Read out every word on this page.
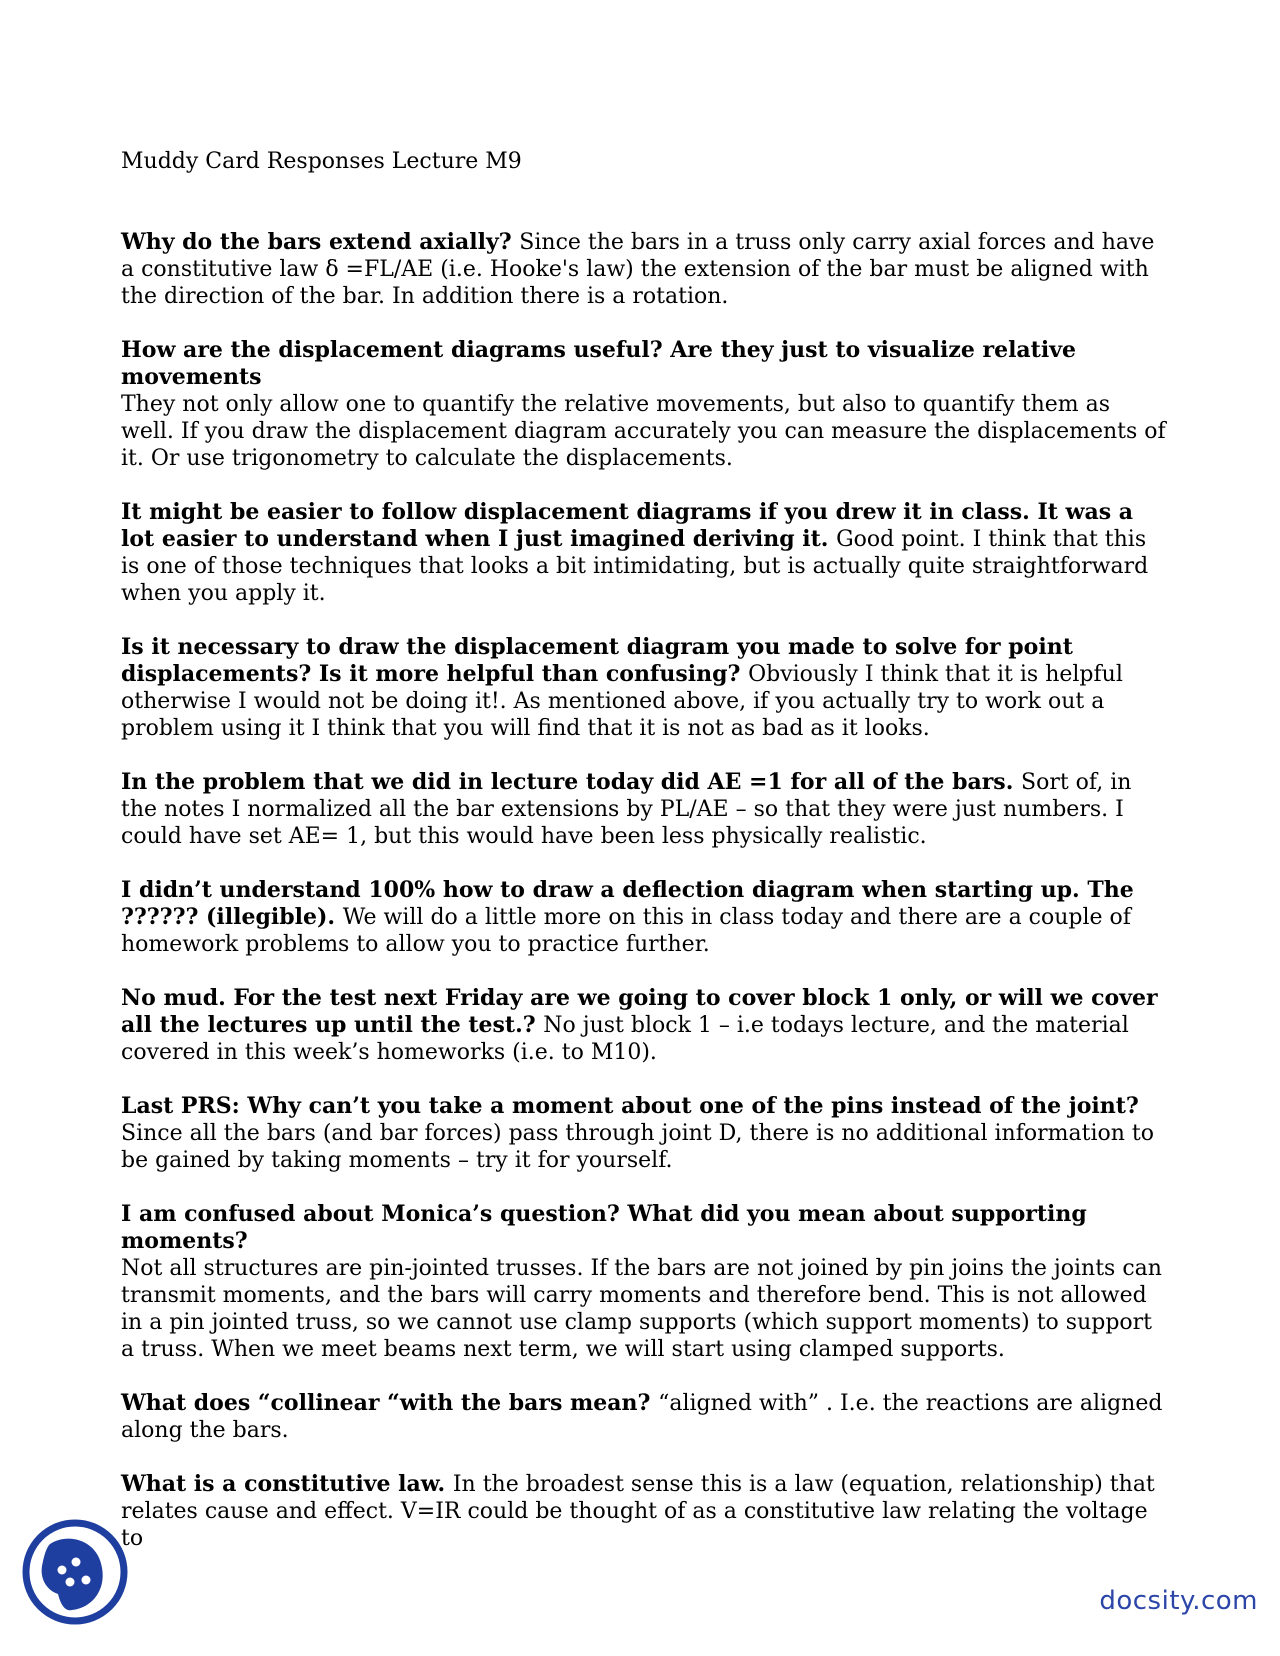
Muddy Card Responses Lecture M9
Why do the bars extend axially? Since the bars in a truss only carry axial forces and have a constitutive law δ =FL/AE (i.e. Hooke's law) the extension of the bar must be aligned with the direction of the bar. In addition there is a rotation.

How are the displacement diagrams useful? Are they just to visualize relative movements

They not only allow one to quantify the relative movements, but also to quantify them as well. If you draw the displacement diagram accurately you can measure the displacements of it. Or use trigonometry to calculate the displacements.

It might be easier to follow displacement diagrams if you drew it in class. It was a lot easier to understand when I just imagined deriving it. Good point. I think that this is one of those techniques that looks a bit intimidating, but is actually quite straightforward when you apply it.
Is it necessary to draw the displacement diagram you made to solve for point displacements? Is it more helpful than confusing? Obviously I think that it is helpful otherwise I would not be doing it!. As mentioned above, if you actually try to work out a problem using it I think that you will find that it is not as bad as it looks.
In the problem that we did in lecture today did AE =1 for all of the bars. Sort of, in the notes I normalized all the bar extensions by PL/AE – so that they were just numbers. I could have set AE= 1, but this would have been less physically realistic.
I didn’t understand 100% how to draw a deflection diagram when starting up. The ?????? (illegible). We will do a little more on this in class today and there are a couple of homework problems to allow you to practice further.
No mud. For the test next Friday are we going to cover block 1 only, or will we cover all the lectures up until the test.? No just block 1 – i.e todays lecture, and the material covered in this week’s homeworks (i.e. to M10).
Last PRS: Why can’t you take a moment about one of the pins instead of the joint? Since all the bars (and bar forces) pass through joint D, there is no additional information to be gained by taking moments – try it for yourself.

I am confused about Monica’s question? What did you mean about supporting moments?

Not all structures are pin-jointed trusses. If the bars are not joined by pin joins the joints can transmit moments, and the bars will carry moments and therefore bend. This is not allowed in a pin jointed truss, so we cannot use clamp supports (which support moments) to support a truss. When we meet beams next term, we will start using clamped supports.

What does “collinear “with the bars mean? “aligned with” . I.e. the reactions are aligned along the bars.
What is a constitutive law. In the broadest sense this is a law (equation, relationship) that relates cause and effect. V=IR could be thought of as a constitutive law relating the voltage to
docsity.com
